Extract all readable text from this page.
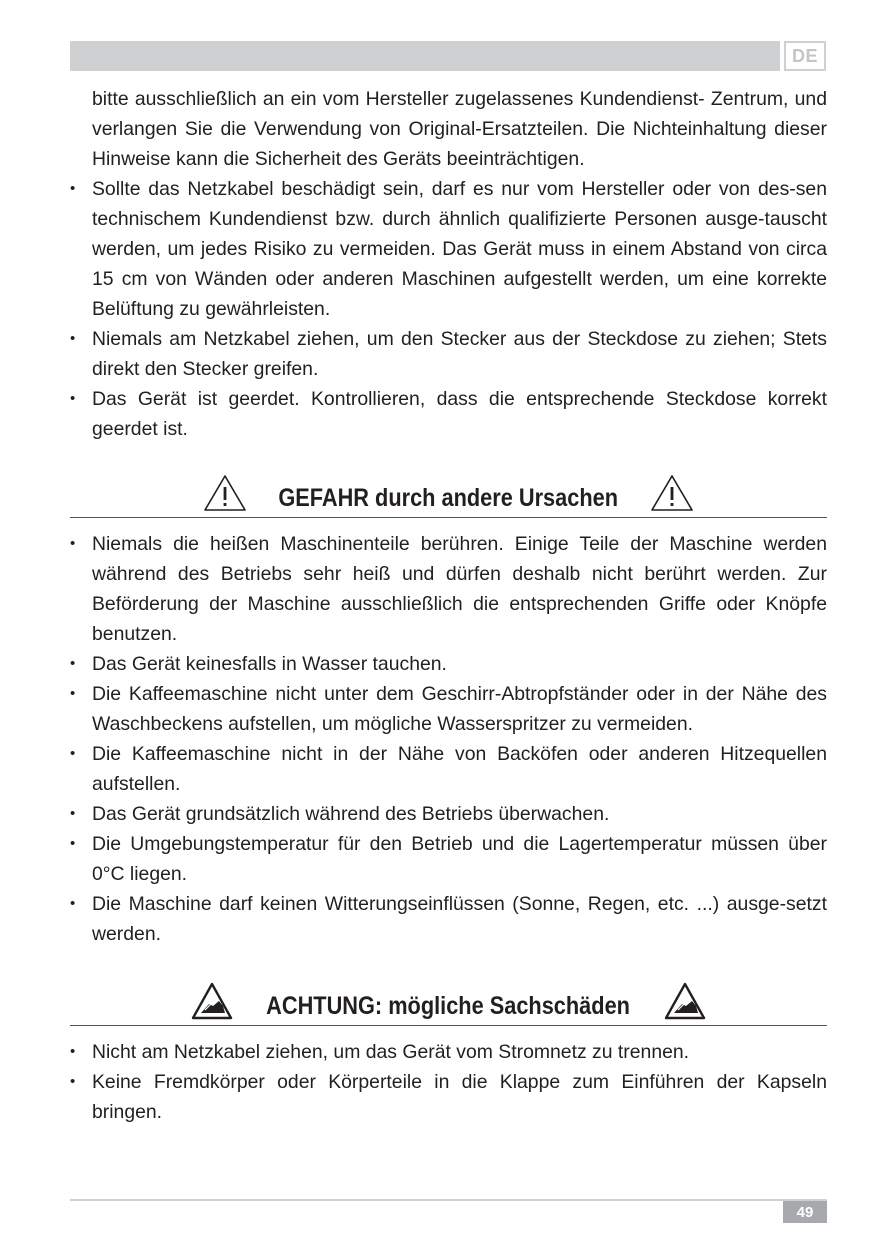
DE

bitte ausschließlich an ein vom Hersteller zugelassenes Kundendienst- Zentrum, und verlangen Sie die Verwendung von Original-Ersatzteilen. Die Nichteinhaltung dieser Hinweise kann die Sicherheit des Geräts beeinträchtigen.

• Sollte das Netzkabel beschädigt sein, darf es nur vom Hersteller oder von des-sen technischem Kundendienst bzw. durch ähnlich qualifizierte Personen ausge-tauscht werden, um jedes Risiko zu vermeiden. Das Gerät muss in einem Abstand von circa 15 cm von Wänden oder anderen Maschinen aufgestellt werden, um eine korrekte Belüftung zu gewährleisten.
• Niemals am Netzkabel ziehen, um den Stecker aus der Steckdose zu ziehen; Stets direkt den Stecker greifen.
• Das Gerät ist geerdet. Kontrollieren, dass die entsprechende Steckdose korrekt geerdet ist.
GEFAHR durch andere Ursachen
• Niemals die heißen Maschinenteile berühren. Einige Teile der Maschine werden während des Betriebs sehr heiß und dürfen deshalb nicht berührt werden. Zur Beförderung der Maschine ausschließlich die entsprechenden Griffe oder Knöpfe benutzen.
• Das Gerät keinesfalls in Wasser tauchen.
• Die Kaffeemaschine nicht unter dem Geschirr-Abtropfständer oder in der Nähe des Waschbeckens aufstellen, um mögliche Wasserspritzer zu vermeiden.
• Die Kaffeemaschine nicht in der Nähe von Backöfen oder anderen Hitzequellen aufstellen.
• Das Gerät grundsätzlich während des Betriebs überwachen.
• Die Umgebungstemperatur für den Betrieb und die Lagertemperatur müssen über 0°C liegen.
• Die Maschine darf keinen Witterungseinflüssen (Sonne, Regen, etc. ...) ausge-setzt werden.
ACHTUNG: mögliche Sachschäden
• Nicht am Netzkabel ziehen, um das Gerät vom Stromnetz zu trennen.
• Keine Fremdkörper oder Körperteile in die Klappe zum Einführen der Kapseln bringen.
49
